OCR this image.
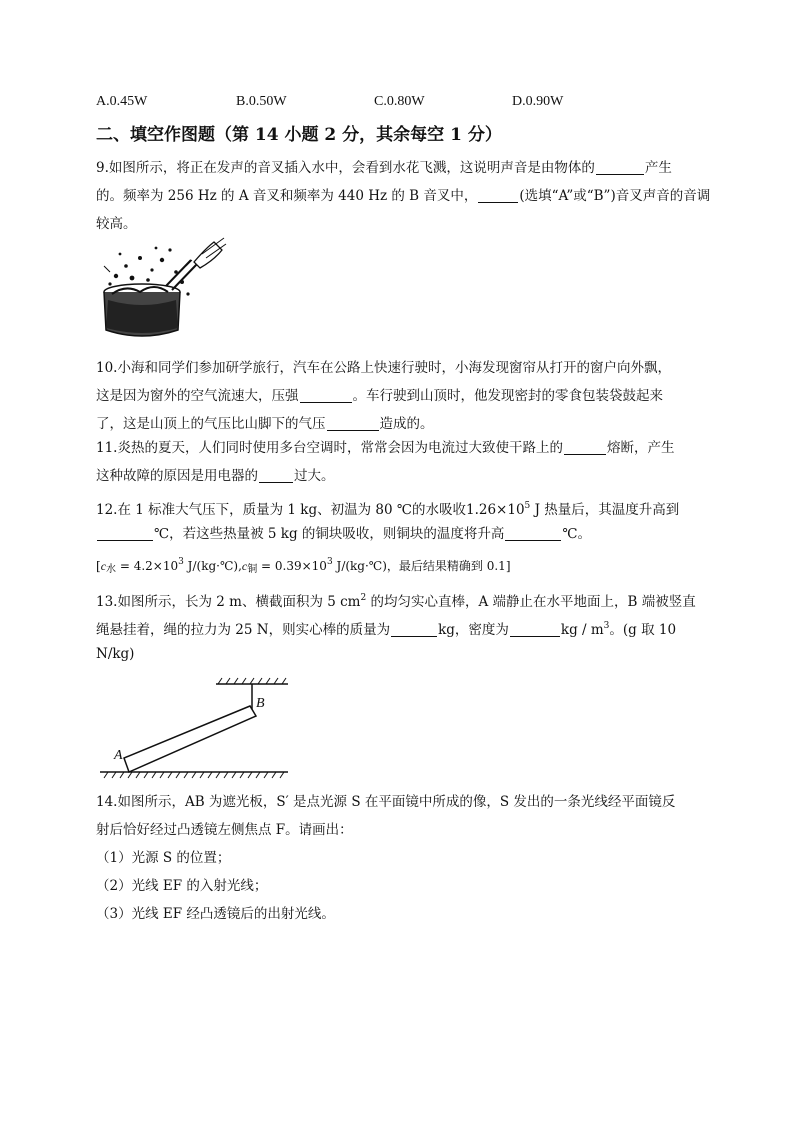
A.0.45W	B.0.50W	C.0.80W	D.0.90W
二、填空作图题（第 14 小题 2 分，其余每空 1 分）
9.如图所示，将正在发声的音叉插入水中，会看到水花飞溅，这说明声音是由物体的	产生
的。频率为 256 Hz 的 A 音叉和频率为 440 Hz 的 B 音叉中，	(选填“A”或“B”)音叉声音的音调
较高。
10.小海和同学们参加研学旅行，汽车在公路上快速行驶时，小海发现窗帘从打开的窗户向外飘，
这是因为窗外的空气流速大，压强	。车行驶到山顶时，他发现密封的零食包装袋鼓起来
了，这是山顶上的气压比山脚下的气压	造成的。
11.炎热的夏天，人们同时使用多台空调时，常常会因为电流过大致使干路上的	熔断，产生
这种故障的原因是用电器的	过大。
12.在 1 标准大气压下，质量为 1 kg、初温为 80 ℃的水吸收$1.26\times 10^5$ J 热量后，其温度升高到
℃，若这些热量被 5 kg 的铜块吸收，则铜块的温度将升高	℃。
[$c_水 = 4.2\times 10^3$ $J/(kg\cdot℃),c_铜 = 0.39\times 10^3$ J/(kg·℃)，最后结果精确到 0.1]
13.如图所示，长为 2 m、横截面积为 5 $cm^2$ 的均匀实心直棒，A 端静止在水平地面上，B 端被竖直
绳悬挂着，绳的拉力为 25 N，则实心棒的质量为	kg，密度为	kg / $m^3$。(g 取 10
N/kg)
A
B
14.如图所示，AB 为遮光板，S′ 是点光源 S 在平面镜中所成的像，S 发出的一条光线经平面镜反
射后恰好经过凸透镜左侧焦点 F。请画出：
（1）光源 S 的位置；
（2）光线 EF 的入射光线；
（3）光线 EF 经凸透镜后的出射光线。
